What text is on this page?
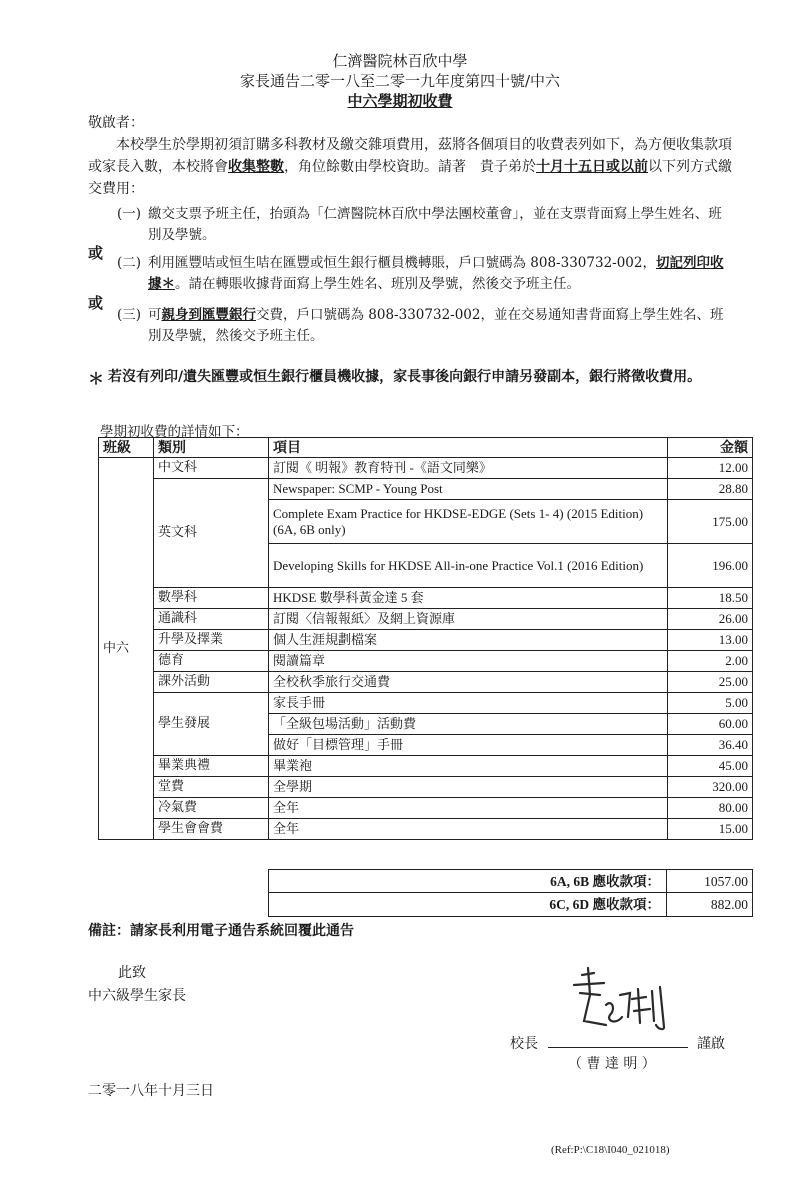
仁濟醫院林百欣中學
家長通告二零一八至二零一九年度第四十號/中六
中六學期初收費
敬啟者：
本校學生於學期初須訂購多科教材及繳交雜項費用，茲將各個項目的收費表列如下，為方便收集款項或家長入數，本校將會收集整數，角位餘數由學校資助。請著　貴子弟於十月十五日或以前以下列方式繳交費用：
(一) 繳交支票予班主任，抬頭為「仁濟醫院林百欣中學法團校董會」，並在支票背面寫上學生姓名、班別及學號。
或
(二) 利用匯豐咭或恒生咭在匯豐或恒生銀行櫃員機轉賬，戶口號碼為 808-330732-002，切記列印收據＊。請在轉賬收據背面寫上學生姓名、班別及學號，然後交予班主任。
或
(三) 可親身到匯豐銀行交費，戶口號碼為 808-330732-002，並在交易通知書背面寫上學生姓名、班別及學號，然後交予班主任。
＊ 若沒有列印/遺失匯豐或恒生銀行櫃員機收據，家長事後向銀行申請另發副本，銀行將徵收費用。
學期初收費的詳情如下：
班級	類別	項目	金額
中六	中文科	訂閱《 明報》教育特刊 -《語文同樂》	12.00
	英文科	Newspaper: SCMP - Young Post	28.80
		Complete Exam Practice for HKDSE-EDGE (Sets 1- 4) (2015 Edition) (6A, 6B only)	175.00
		Developing Skills for HKDSE All-in-one Practice Vol.1 (2016 Edition)	196.00
	數學科	HKDSE 數學科黃金達 5 套	18.50
	通識科	訂閱〈信報報紙〉及網上資源庫	26.00
	升學及擇業	個人生涯規劃檔案	13.00
	德育	閱讀篇章	2.00
	課外活動	全校秋季旅行交通費	25.00
	學生發展	家長手冊	5.00
		「全級包場活動」活動費	60.00
		做好「目標管理」手冊	36.40
	畢業典禮	畢業袍	45.00
	堂費	全學期	320.00
	冷氣費	全年	80.00
	學生會會費	全年	15.00
6A, 6B 應收款項：	1057.00
6C, 6D 應收款項：	882.00
備註：請家長利用電子通告系統回覆此通告
此致
中六級學生家長
校長	謹啟
（ 曹 達 明 ）
二零一八年十月三日
(Ref:P:\C18\I040_021018)
